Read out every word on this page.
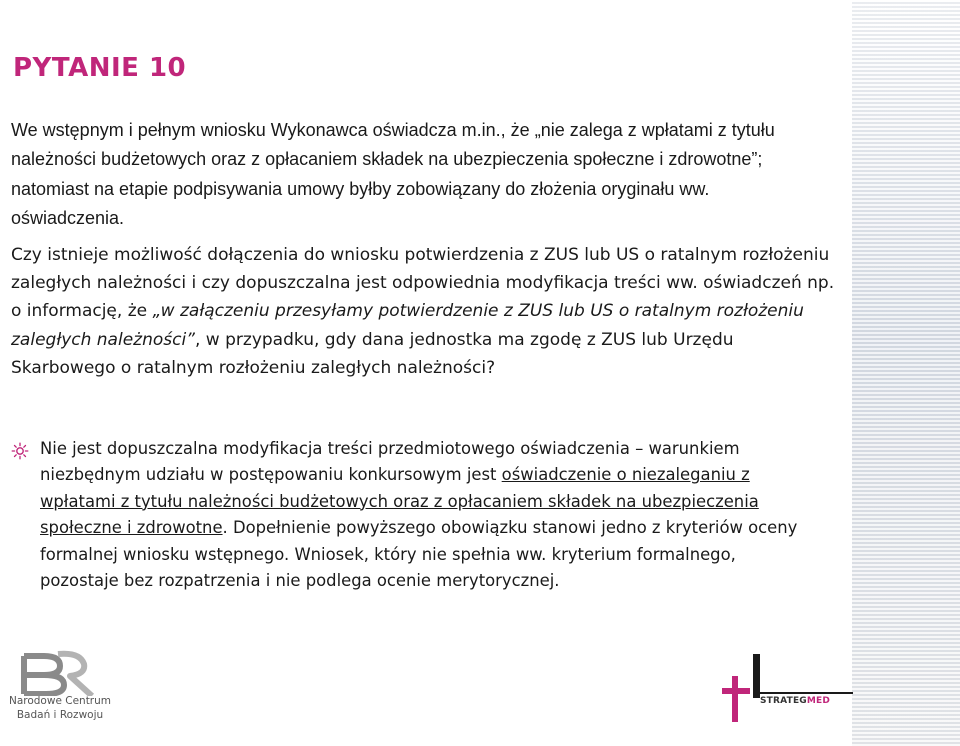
PYTANIE 10

We wstępnym i pełnym wniosku Wykonawca oświadcza m.in., że „nie zalega z wpłatami z tytułu należności budżetowych oraz z opłacaniem składek na ubezpieczenia społeczne i zdrowotne”; natomiast na etapie podpisywania umowy byłby zobowiązany do złożenia oryginału ww. oświadczenia.

Czy istnieje możliwość dołączenia do wniosku potwierdzenia z ZUS lub US o ratalnym rozłożeniu zaległych należności i czy dopuszczalna jest odpowiednia modyfikacja treści ww. oświadczeń np. o informację, że „w załączeniu przesyłamy potwierdzenie z ZUS lub US o ratalnym rozłożeniu zaległych należności”, w przypadku, gdy dana jednostka ma zgodę z ZUS lub Urzędu Skarbowego o ratalnym rozłożeniu zaległych należności?

Nie jest dopuszczalna modyfikacja treści przedmiotowego oświadczenia – warunkiem niezbędnym udziału w postępowaniu konkursowym jest oświadczenie o niezaleganiu z wpłatami z tytułu należności budżetowych oraz z opłacaniem składek na ubezpieczenia społeczne i zdrowotne. Dopełnienie powyższego obowiązku stanowi jedno z kryteriów oceny formalnej wniosku wstępnego. Wniosek, który nie spełnia ww. kryterium formalnego, pozostaje bez rozpatrzenia i nie podlega ocenie merytorycznej.

Narodowe Centrum
Badań i Rozwoju
STRATEGMED
